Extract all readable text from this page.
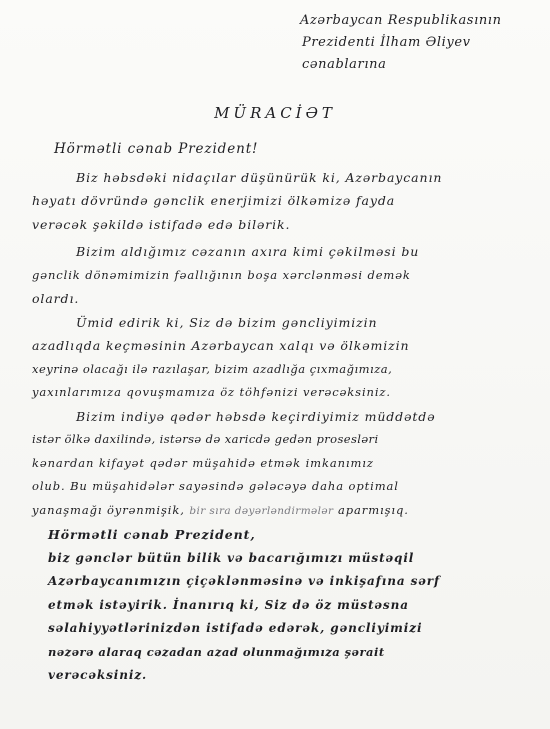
Azərbaycan Respublikasının
Prezidenti İlham Əliyev
cənablarına
MÜRACİƏT

Hörmətli cənab Prezident!

Biz həbsdəki nidaçılar düşünürük ki, Azərbaycanın

həyatı dövründə gənclik enerjimizi ölkəmizə fayda

verəcək şəkildə istifadə edə bilərik.

Bizim aldığımız cəzanın axıra kimi çəkilməsi bu

gənclik dönəmimizin fəallığının boşa xərclənməsi demək

olardı.

Ümid edirik ki, Siz də bizim gəncliyimizin

azadlıqda keçməsinin Azərbaycan xalqı və ölkəmizin

xeyrinə olacağı ilə razılaşar, bizim azadlığa çıxmağımıza,

yaxınlarımıza qovuşmamıza öz töhfənizi verəcəksiniz.

Bizim indiyə qədər həbsdə keçirdiyimiz müddətdə

istər ölkə daxilində, istərsə də xaricdə gedən prosesləri

kənardan kifayət qədər müşahidə etmək imkanımız

olub. Bu müşahidələr sayəsində gələcəyə daha optimal

yanaşmağı öyrənmişik, bir sıra dəyərləndirmələr aparmışıq.

Hörmətli cənab Prezident,

biz gənclər bütün bilik və bacarığımızı müstəqil

Azərbaycanımızın çiçəklənməsinə və inkişafına sərf

etmək istəyirik. İnanırıq ki, Siz də öz müstəsna

səlahiyyətlərinizdən istifadə edərək, gəncliyimizi

nəzərə alaraq cəzadan azad olunmağımıza şərait

verəcəksiniz.
